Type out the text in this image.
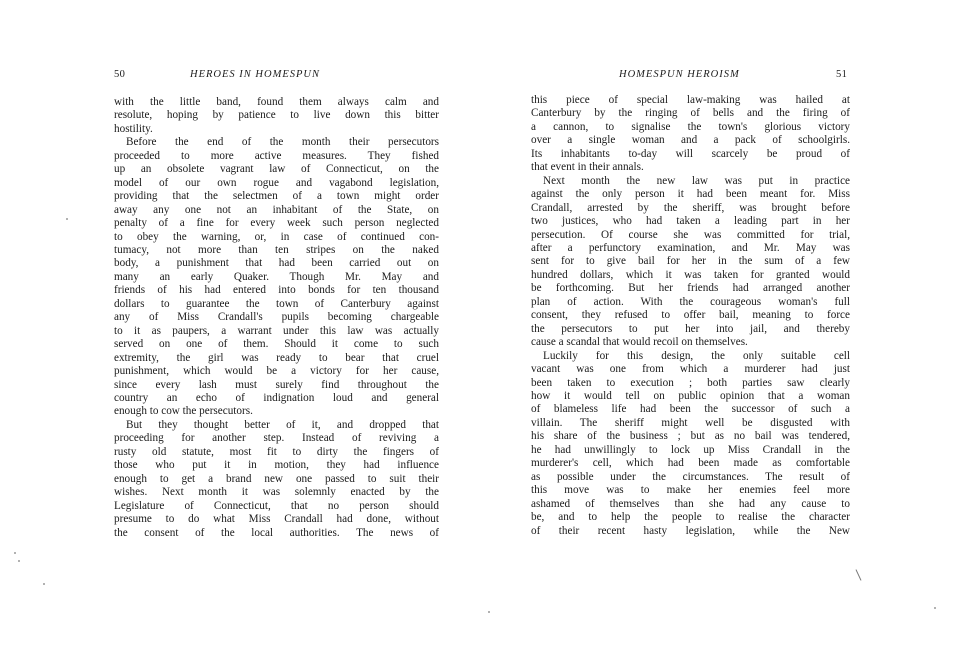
50	HEROES IN HOMESPUN	HOMESPUN HEROISM	51
with the little band, found them always calm and
resolute, hoping by patience to live down this bitter
hostility.
Before the end of the month their persecutors
proceeded to more active measures. They fished
up an obsolete vagrant law of Connecticut, on the
model of our own rogue and vagabond legislation,
providing that the selectmen of a town might order
away any one not an inhabitant of the State, on
penalty of a fine for every week such person neglected
to obey the warning, or, in case of continued con-
tumacy, not more than ten stripes on the naked
body, a punishment that had been carried out on
many an early Quaker. Though Mr. May and
friends of his had entered into bonds for ten thousand
dollars to guarantee the town of Canterbury against
any of Miss Crandall's pupils becoming chargeable
to it as paupers, a warrant under this law was actually
served on one of them. Should it come to such
extremity, the girl was ready to bear that cruel
punishment, which would be a victory for her cause,
since every lash must surely find throughout the
country an echo of indignation loud and general
enough to cow the persecutors.
But they thought better of it, and dropped that
proceeding for another step. Instead of reviving a
rusty old statute, most fit to dirty the fingers of
those who put it in motion, they had influence
enough to get a brand new one passed to suit their
wishes. Next month it was solemnly enacted by the
Legislature of Connecticut, that no person should
presume to do what Miss Crandall had done, without
the consent of the local authorities. The news of
this piece of special law-making was hailed at
Canterbury by the ringing of bells and the firing of
a cannon, to signalise the town's glorious victory
over a single woman and a pack of schoolgirls.
Its inhabitants to-day will scarcely be proud of
that event in their annals.
Next month the new law was put in practice
against the only person it had been meant for. Miss
Crandall, arrested by the sheriff, was brought before
two justices, who had taken a leading part in her
persecution. Of course she was committed for trial,
after a perfunctory examination, and Mr. May was
sent for to give bail for her in the sum of a few
hundred dollars, which it was taken for granted would
be forthcoming. But her friends had arranged another
plan of action. With the courageous woman's full
consent, they refused to offer bail, meaning to force
the persecutors to put her into jail, and thereby
cause a scandal that would recoil on themselves.
Luckily for this design, the only suitable cell
vacant was one from which a murderer had just
been taken to execution ; both parties saw clearly
how it would tell on public opinion that a woman
of blameless life had been the successor of such a
villain. The sheriff might well be disgusted with
his share of the business ; but as no bail was tendered,
he had unwillingly to lock up Miss Crandall in the
murderer's cell, which had been made as comfortable
as possible under the circumstances. The result of
this move was to make her enemies feel more
ashamed of themselves than she had any cause to
be, and to help the people to realise the character
of their recent hasty legislation, while the New
